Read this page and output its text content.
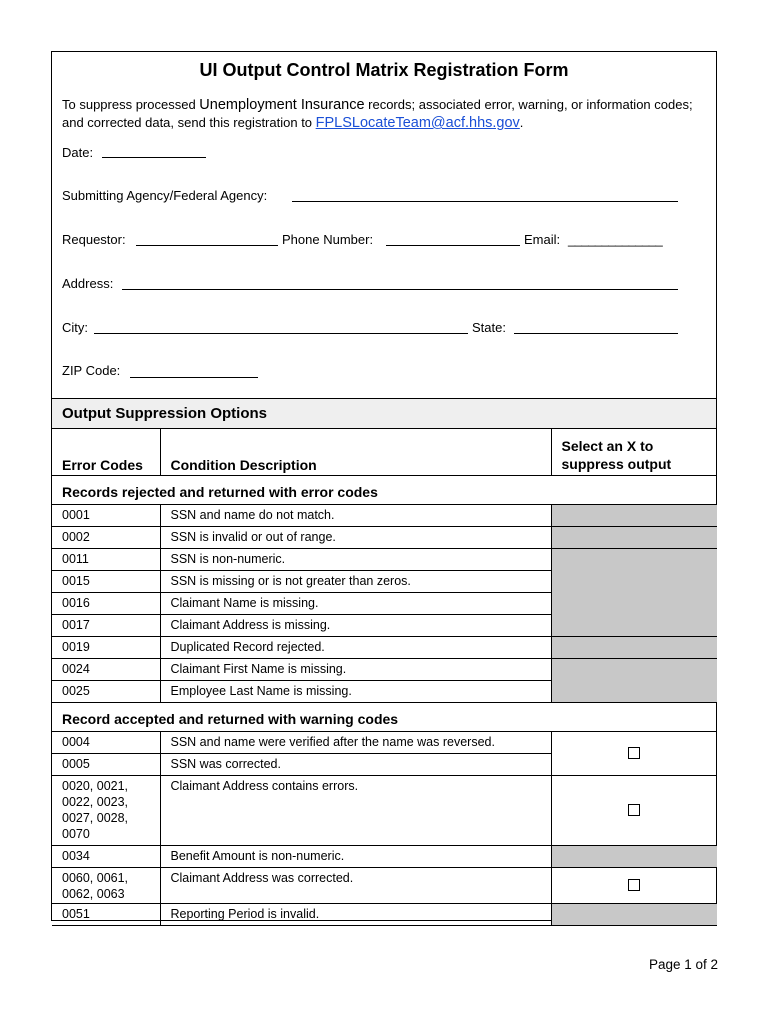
UI Output Control Matrix Registration Form
To suppress processed Unemployment Insurance records; associated error, warning, or information codes; and corrected data, send this registration to FPLSLocateTeam@acf.hhs.gov.
Date:
Submitting Agency/Federal Agency:
Requestor:	Phone Number:	Email: ______________
Address:
City:	State:
ZIP Code:
Output Suppression Options
Error Codes	Condition Description	Select an X to
suppress output
Records rejected and returned with error codes		
0001	SSN and name do not match.	
0002	SSN is invalid or out of range.	
0011	SSN is non-numeric.	
0015	SSN is missing or is not greater than zeros.	
0016	Claimant Name is missing.	
0017	Claimant Address is missing.	
0019	Duplicated Record rejected.	
0024	Claimant First Name is missing.	
0025	Employee Last Name is missing.	
Record accepted and returned with warning codes		
0004	SSN and name were verified after the name was reversed.	
0005	SSN was corrected.	
0020, 0021,
0022, 0023,
0027, 0028,
0070	Claimant Address contains errors.	
0034	Benefit Amount is non-numeric.	
0060, 0061,
0062, 0063	Claimant Address was corrected.	
0051	Reporting Period is invalid.	
Page 1 of 2
